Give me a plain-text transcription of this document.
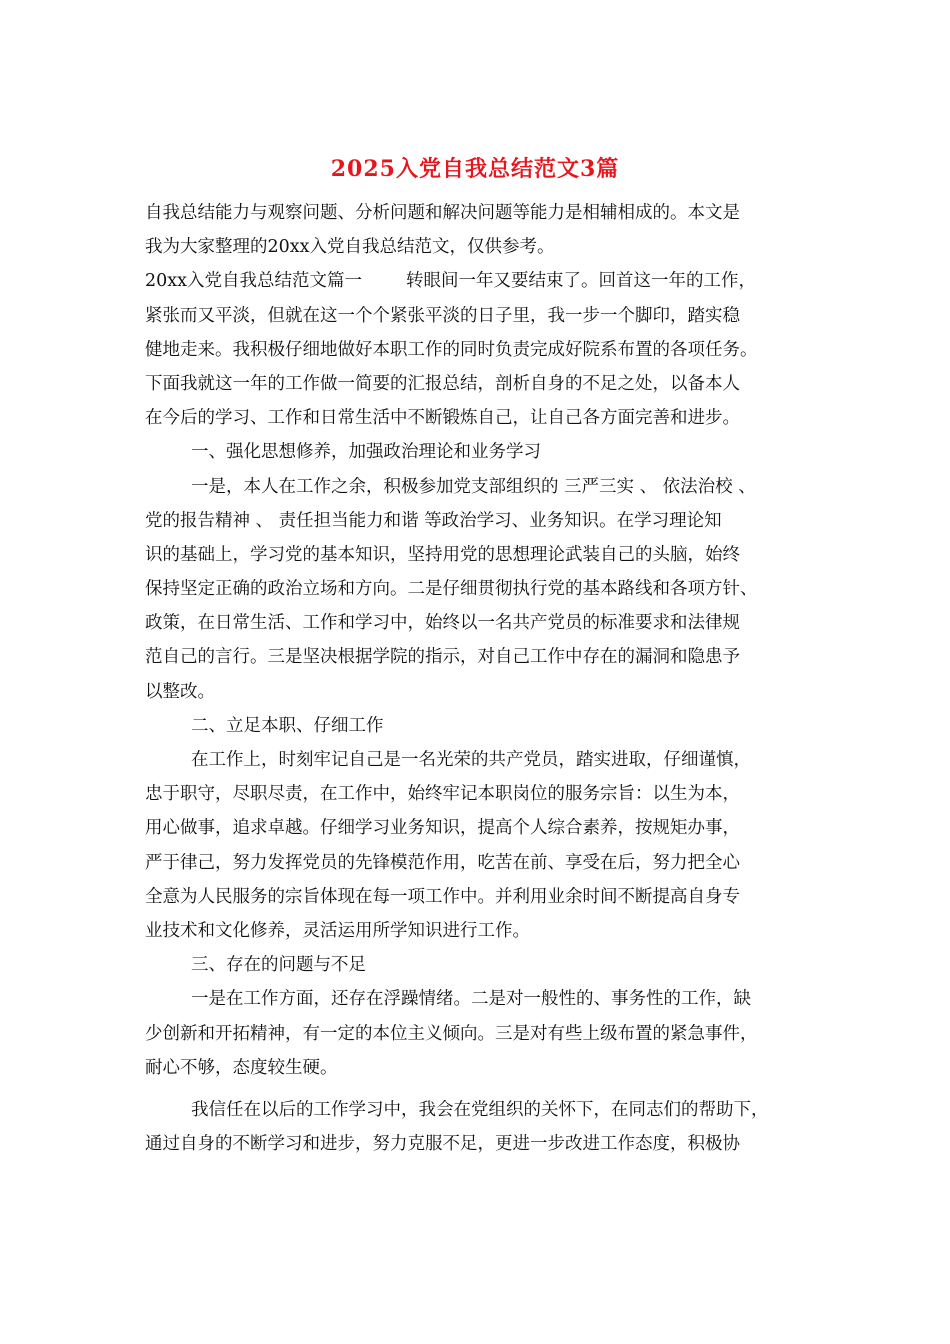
2025入党自我总结范文3篇
自我总结能力与观察问题、分析问题和解决问题等能力是相辅相成的。本文是
我为大家整理的20xx入党自我总结范文，仅供参考。
20xx入党自我总结范文篇一	转眼间一年又要结束了。回首这一年的工作，
紧张而又平淡，但就在这一个个紧张平淡的日子里，我一步一个脚印，踏实稳
健地走来。我积极仔细地做好本职工作的同时负责完成好院系布置的各项任务。
下面我就这一年的工作做一简要的汇报总结，剖析自身的不足之处，以备本人
在今后的学习、工作和日常生活中不断锻炼自己，让自己各方面完善和进步。
一、强化思想修养，加强政治理论和业务学习
一是，本人在工作之余，积极参加党支部组织的 三严三实 、 依法治校 、
党的报告精神 、 责任担当能力和谐 等政治学习、业务知识。在学习理论知
识的基础上，学习党的基本知识，坚持用党的思想理论武装自己的头脑，始终
保持坚定正确的政治立场和方向。二是仔细贯彻执行党的基本路线和各项方针、
政策，在日常生活、工作和学习中，始终以一名共产党员的标准要求和法律规
范自己的言行。三是坚决根据学院的指示，对自己工作中存在的漏洞和隐患予
以整改。
二、立足本职、仔细工作
在工作上，时刻牢记自己是一名光荣的共产党员，踏实进取，仔细谨慎，
忠于职守，尽职尽责，在工作中，始终牢记本职岗位的服务宗旨：以生为本，
用心做事，追求卓越。仔细学习业务知识，提高个人综合素养，按规矩办事，
严于律己，努力发挥党员的先锋模范作用，吃苦在前、享受在后，努力把全心
全意为人民服务的宗旨体现在每一项工作中。并利用业余时间不断提高自身专
业技术和文化修养，灵活运用所学知识进行工作。
三、存在的问题与不足
一是在工作方面，还存在浮躁情绪。二是对一般性的、事务性的工作，缺
少创新和开拓精神，有一定的本位主义倾向。三是对有些上级布置的紧急事件，
耐心不够，态度较生硬。
我信任在以后的工作学习中，我会在党组织的关怀下，在同志们的帮助下，
通过自身的不断学习和进步，努力克服不足，更进一步改进工作态度，积极协
